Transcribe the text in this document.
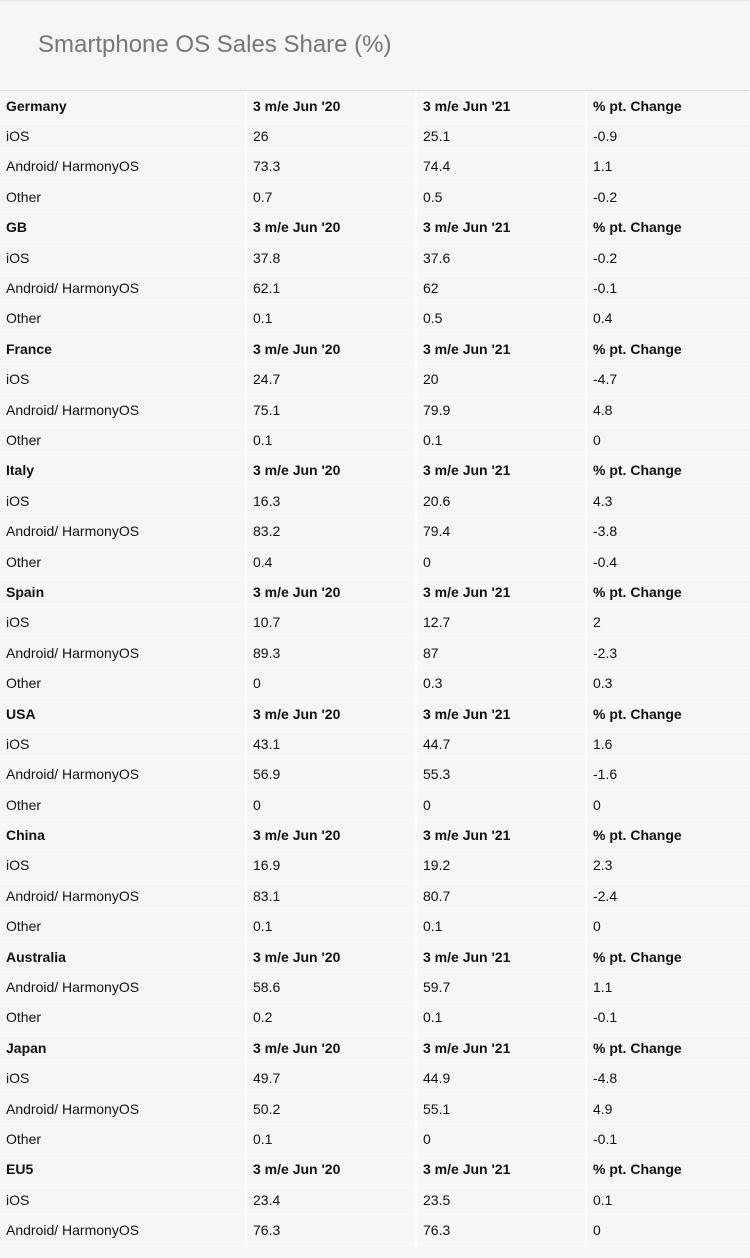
Smartphone OS Sales Share (%)
Germany	3 m/e Jun '20	3 m/e Jun '21	% pt. Change
iOS	26	25.1	-0.9
Android/ HarmonyOS	73.3	74.4	1.1
Other	0.7	0.5	-0.2
GB	3 m/e Jun '20	3 m/e Jun '21	% pt. Change
iOS	37.8	37.6	-0.2
Android/ HarmonyOS	62.1	62	-0.1
Other	0.1	0.5	0.4
France	3 m/e Jun '20	3 m/e Jun '21	% pt. Change
iOS	24.7	20	-4.7
Android/ HarmonyOS	75.1	79.9	4.8
Other	0.1	0.1	0
Italy	3 m/e Jun '20	3 m/e Jun '21	% pt. Change
iOS	16.3	20.6	4.3
Android/ HarmonyOS	83.2	79.4	-3.8
Other	0.4	0	-0.4
Spain	3 m/e Jun '20	3 m/e Jun '21	% pt. Change
iOS	10.7	12.7	2
Android/ HarmonyOS	89.3	87	-2.3
Other	0	0.3	0.3
USA	3 m/e Jun '20	3 m/e Jun '21	% pt. Change
iOS	43.1	44.7	1.6
Android/ HarmonyOS	56.9	55.3	-1.6
Other	0	0	0
China	3 m/e Jun '20	3 m/e Jun '21	% pt. Change
iOS	16.9	19.2	2.3
Android/ HarmonyOS	83.1	80.7	-2.4
Other	0.1	0.1	0
Australia	3 m/e Jun '20	3 m/e Jun '21	% pt. Change
Android/ HarmonyOS	58.6	59.7	1.1
Other	0.2	0.1	-0.1
Japan	3 m/e Jun '20	3 m/e Jun '21	% pt. Change
iOS	49.7	44.9	-4.8
Android/ HarmonyOS	50.2	55.1	4.9
Other	0.1	0	-0.1
EU5	3 m/e Jun '20	3 m/e Jun '21	% pt. Change
iOS	23.4	23.5	0.1
Android/ HarmonyOS	76.3	76.3	0
